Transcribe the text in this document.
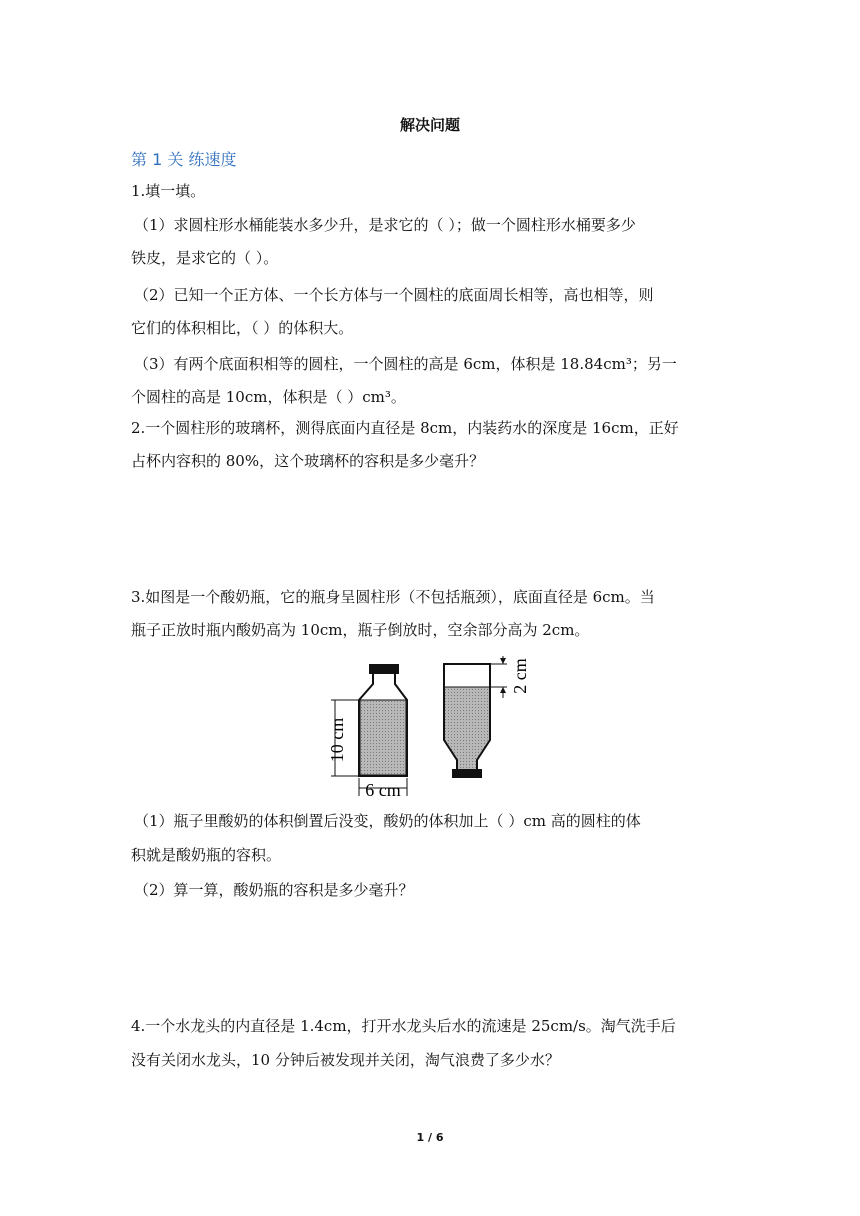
解决问题
第 1 关 练速度
1.填一填。
（1）求圆柱形水桶能装水多少升，是求它的（ ）；做一个圆柱形水桶要多少
铁皮，是求它的（ ）。
（2）已知一个正方体、一个长方体与一个圆柱的底面周长相等，高也相等，则
它们的体积相比，（ ）的体积大。
（3）有两个底面积相等的圆柱，一个圆柱的高是 6cm，体积是 18.84cm³；另一
个圆柱的高是 10cm，体积是（ ）cm³。
2.一个圆柱形的玻璃杯，测得底面内直径是 8cm，内装药水的深度是 16cm，正好
占杯内容积的 80%，这个玻璃杯的容积是多少毫升？
3.如图是一个酸奶瓶，它的瓶身呈圆柱形（不包括瓶颈），底面直径是 6cm。当
瓶子正放时瓶内酸奶高为 10cm，瓶子倒放时，空余部分高为 2cm。
10 cm
6 cm
2 cm
（1）瓶子里酸奶的体积倒置后没变，酸奶的体积加上（ ）cm 高的圆柱的体
积就是酸奶瓶的容积。
（2）算一算，酸奶瓶的容积是多少毫升？
4.一个水龙头的内直径是 1.4cm，打开水龙头后水的流速是 25cm/s。淘气洗手后
没有关闭水龙头，10 分钟后被发现并关闭，淘气浪费了多少水？
1 / 6
